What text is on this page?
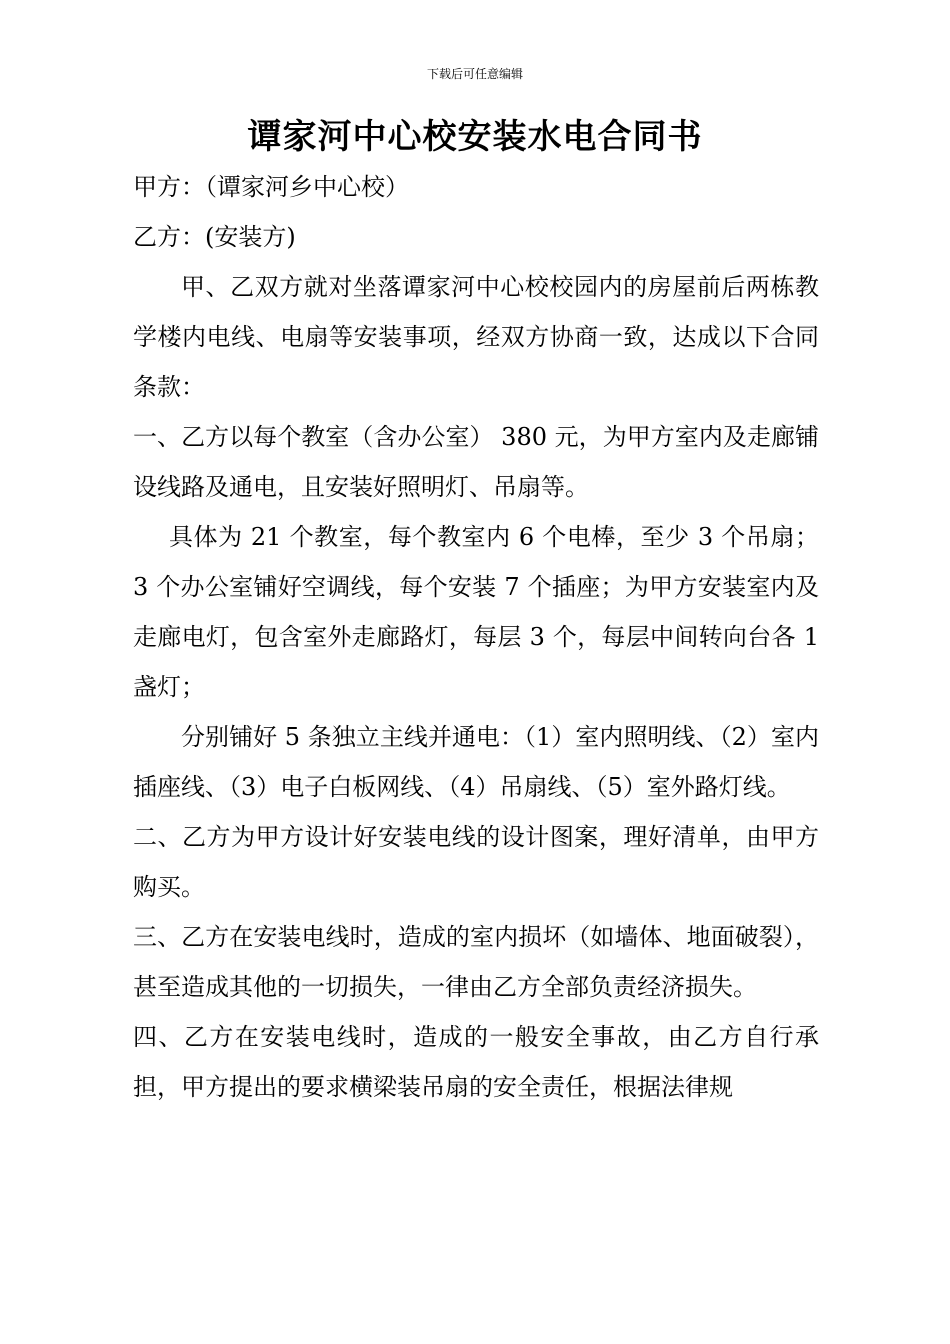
下载后可任意编辑
谭家河中心校安装水电合同书

甲方：（谭家河乡中心校）

乙方：(安装方)

甲、乙双方就对坐落谭家河中心校校园内的房屋前后两栋教学楼内电线、电扇等安装事项，经双方协商一致，达成以下合同条款：

一、乙方以每个教室（含办公室） 380 元，为甲方室内及走廊铺设线路及通电，且安装好照明灯、吊扇等。

具体为 21 个教室，每个教室内 6 个电棒，至少 3 个吊扇；3 个办公室铺好空调线，每个安装 7 个插座；为甲方安装室内及走廊电灯，包含室外走廊路灯，每层 3 个，每层中间转向台各 1 盏灯；

分别铺好 5 条独立主线并通电：（1）室内照明线、（2）室内插座线、（3）电子白板网线、（4）吊扇线、（5）室外路灯线。

二、乙方为甲方设计好安装电线的设计图案，理好清单，由甲方购买。

三、乙方在安装电线时，造成的室内损坏（如墙体、地面破裂），甚至造成其他的一切损失，一律由乙方全部负责经济损失。

四、乙方在安装电线时，造成的一般安全事故，由乙方自行承担，甲方提出的要求横梁装吊扇的安全责任，根据法律规
